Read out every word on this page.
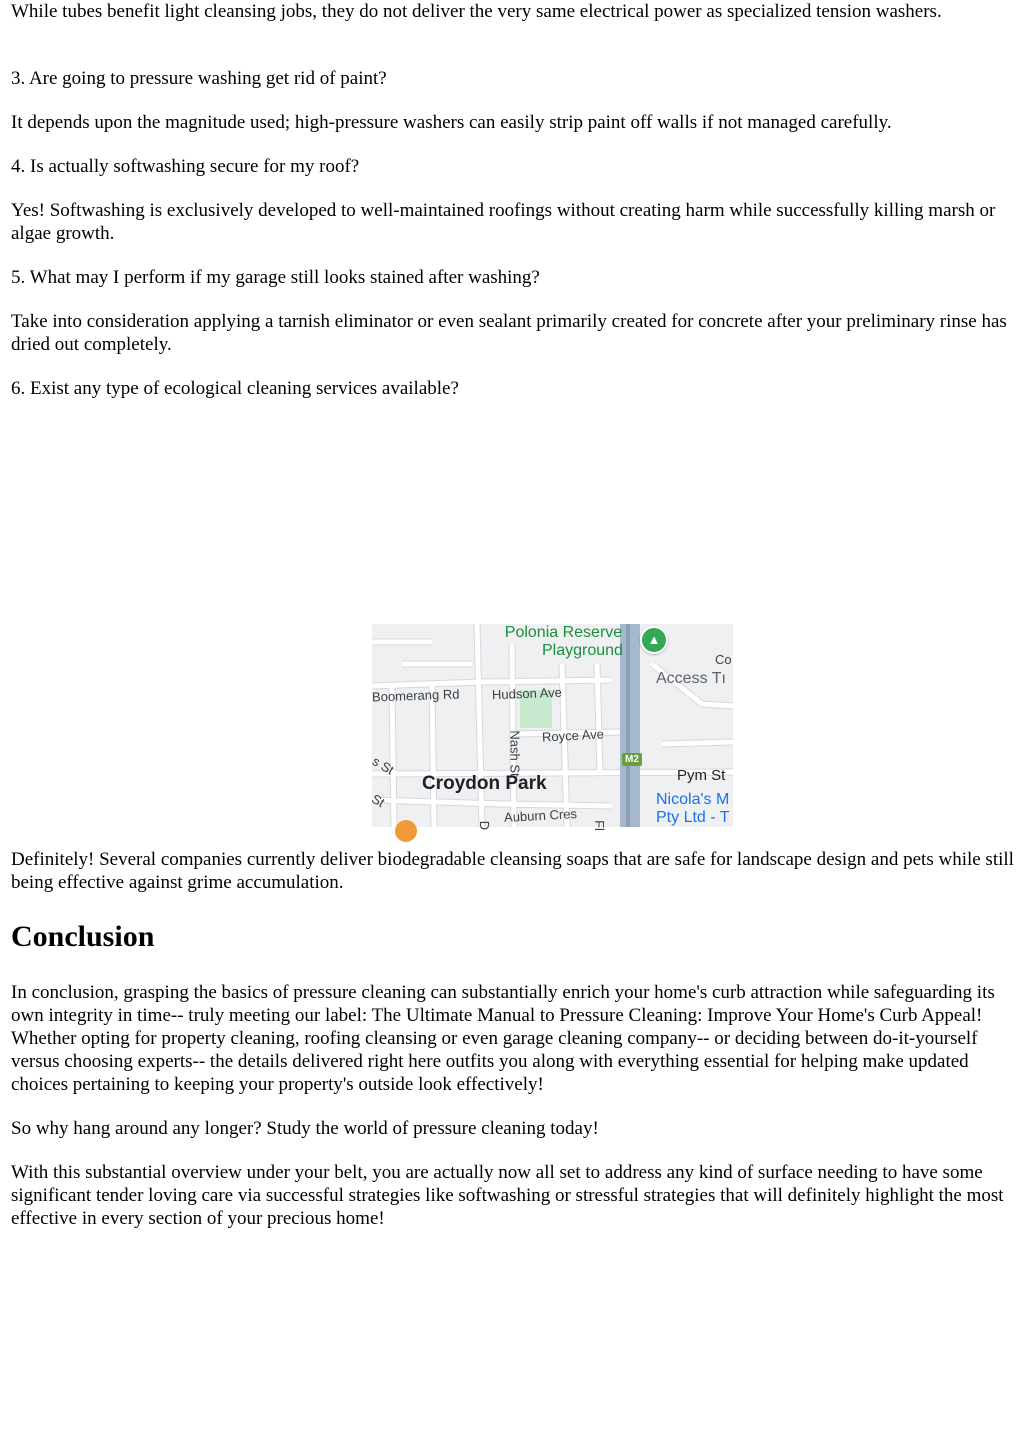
While tubes benefit light cleansing jobs, they do not deliver the very same electrical power as specialized tension washers.

3. Are going to pressure washing get rid of paint?

It depends upon the magnitude used; high-pressure washers can easily strip paint off walls if not managed carefully.

4. Is actually softwashing secure for my roof?

Yes! Softwashing is exclusively developed to well-maintained roofings without creating harm while successfully killing marsh or algae growth.

5. What may I perform if my garage still looks stained after washing?

Take into consideration applying a tarnish eliminator or even sealant primarily created for concrete after your preliminary rinse has dried out completely.

6. Exist any type of ecological cleaning services available?

Definitely! Several companies currently deliver biodegradable cleansing soaps that are safe for landscape design and pets while still being effective against grime accumulation.

Conclusion

In conclusion, grasping the basics of pressure cleaning can substantially enrich your home's curb attraction while safeguarding its own integrity in time-- truly meeting our label: The Ultimate Manual to Pressure Cleaning: Improve Your Home's Curb Appeal! Whether opting for property cleaning, roofing cleansing or even garage cleaning company-- or deciding between do-it-yourself versus choosing experts-- the details delivered right here outfits you along with everything essential for helping make updated choices pertaining to keeping your property's outside look effectively!

So why hang around any longer? Study the world of pressure cleaning today!

With this substantial overview under your belt, you are actually now all set to address any kind of surface needing to have some significant tender loving care via successful strategies like softwashing or stressful strategies that will definitely highlight the most effective in every section of your precious home!

Polonia Reserve
Playground
▲
Co
Access Tı
Boomerang Rd Hudson Ave
Royce Ave
Nash St
s St
St
Croydon Park
M2
Pym St
Nicola's M
Pty Ltd - T
Auburn Cres
D	Fl
